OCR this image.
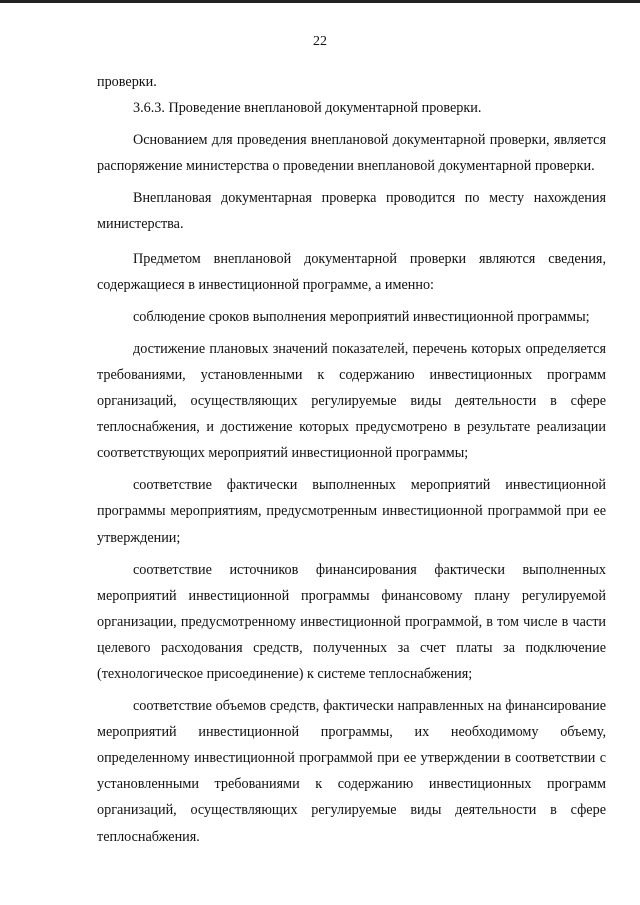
22

проверки.

3.6.3. Проведение внеплановой документарной проверки.

Основанием для проведения внеплановой документарной проверки, является распоряжение министерства о проведении внеплановой документарной проверки.

Внеплановая документарная проверка проводится по месту нахождения министерства.

Предметом внеплановой документарной проверки являются сведения, содержащиеся в инвестиционной программе, а именно:

соблюдение сроков выполнения мероприятий инвестиционной программы;

достижение плановых значений показателей, перечень которых определяется требованиями, установленными к содержанию инвестиционных программ организаций, осуществляющих регулируемые виды деятельности в сфере теплоснабжения, и достижение которых предусмотрено в результате реализации соответствующих мероприятий инвестиционной программы;

соответствие фактически выполненных мероприятий инвестиционной программы мероприятиям, предусмотренным инвестиционной программой при ее утверждении;

соответствие источников финансирования фактически выполненных мероприятий инвестиционной программы финансовому плану регулируемой организации, предусмотренному инвестиционной программой, в том числе в части целевого расходования средств, полученных за счет платы за подключение (технологическое присоединение) к системе теплоснабжения;

соответствие объемов средств, фактически направленных на финансирование мероприятий инвестиционной программы, их необходимому объему, определенному инвестиционной программой при ее утверждении в соответствии с установленными требованиями к содержанию инвестиционных программ организаций, осуществляющих регулируемые виды деятельности в сфере теплоснабжения.
